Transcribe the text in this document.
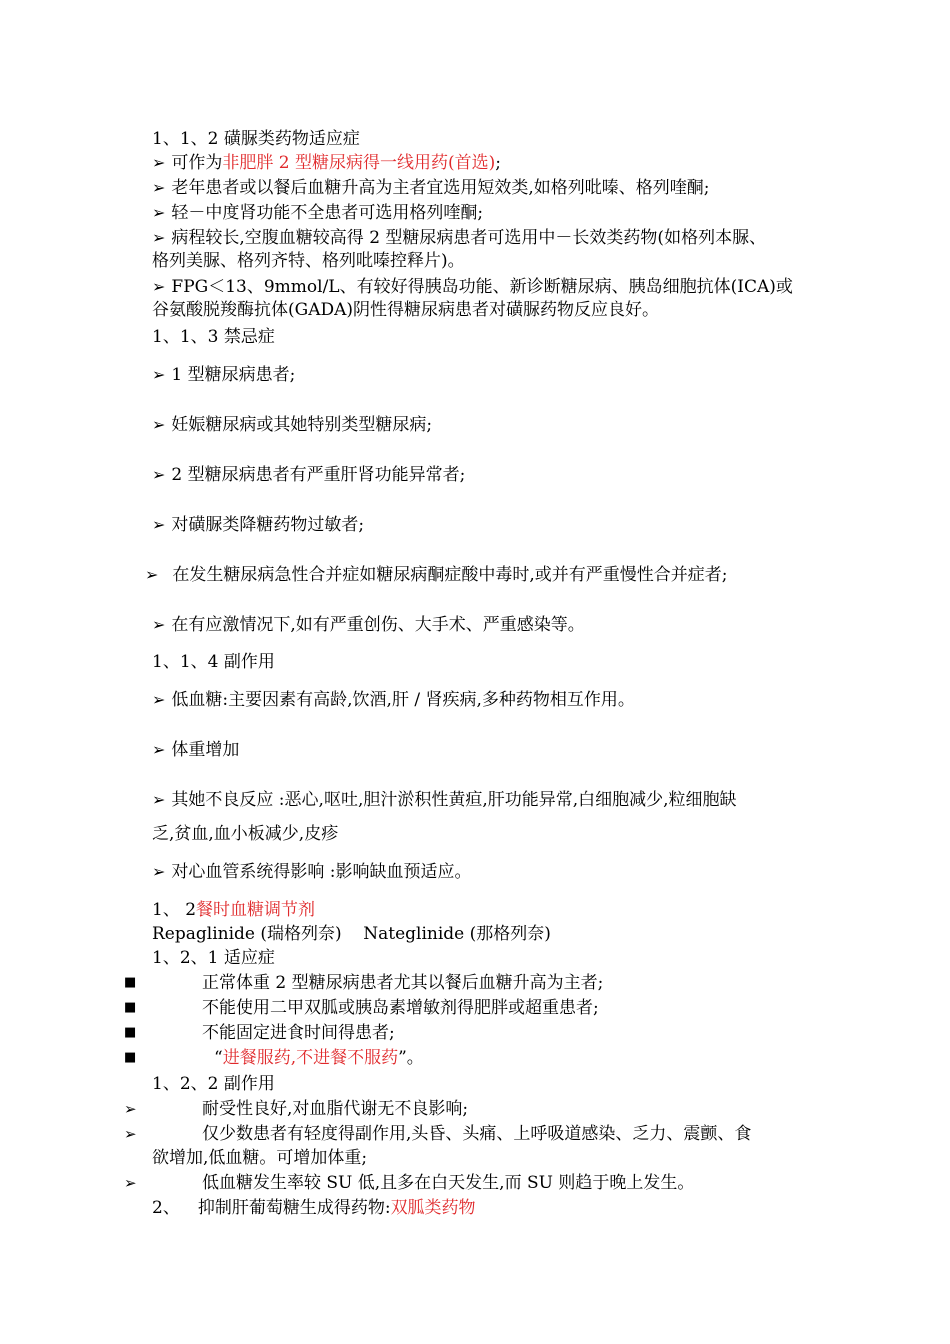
1、1、2 磺脲类药物适应症
➢ 可作为非肥胖 2 型糖尿病得一线用药(首选);
➢ 老年患者或以餐后血糖升高为主者宜选用短效类,如格列吡嗪、格列喹酮;
➢ 轻－中度肾功能不全患者可选用格列喹酮;
➢ 病程较长,空腹血糖较高得 2 型糖尿病患者可选用中－长效类药物(如格列本脲、
格列美脲、格列齐特、格列吡嗪控释片)。
➢ FPG＜13、9mmol/L、有较好得胰岛功能、新诊断糖尿病、胰岛细胞抗体(ICA)或
谷氨酸脱羧酶抗体(GADA)阴性得糖尿病患者对磺脲药物反应良好。
1、1、3 禁忌症
➢ 1 型糖尿病患者;
➢ 妊娠糖尿病或其她特别类型糖尿病;
➢ 2 型糖尿病患者有严重肝肾功能异常者;
➢ 对磺脲类降糖药物过敏者;
➢ 在发生糖尿病急性合并症如糖尿病酮症酸中毒时,或并有严重慢性合并症者;
➢ 在有应激情况下,如有严重创伤、大手术、严重感染等。
1、1、4 副作用
➢ 低血糖:主要因素有高龄,饮酒,肝 / 肾疾病,多种药物相互作用。
➢ 体重增加
➢ 其她不良反应 :恶心,呕吐,胆汁淤积性黄疸,肝功能异常,白细胞减少,粒细胞缺
乏,贫血,血小板减少,皮疹
➢ 对心血管系统得影响 :影响缺血预适应。
1、 2餐时血糖调节剂
Repaglinide (瑞格列奈)    Nateglinide (那格列奈)
1、2、1 适应症
■	正常体重 2 型糖尿病患者尤其以餐后血糖升高为主者;
■	不能使用二甲双胍或胰岛素增敏剂得肥胖或超重患者;
■	不能固定进食时间得患者;
■	“进餐服药,不进餐不服药”。
1、2、2 副作用
➢	耐受性良好,对血脂代谢无不良影响;
➢	仅少数患者有轻度得副作用,头昏、头痛、上呼吸道感染、乏力、震颤、食
欲增加,低血糖。可增加体重;
➢	低血糖发生率较 SU 低,且多在白天发生,而 SU 则趋于晚上发生。
2、 抑制肝葡萄糖生成得药物:双胍类药物
